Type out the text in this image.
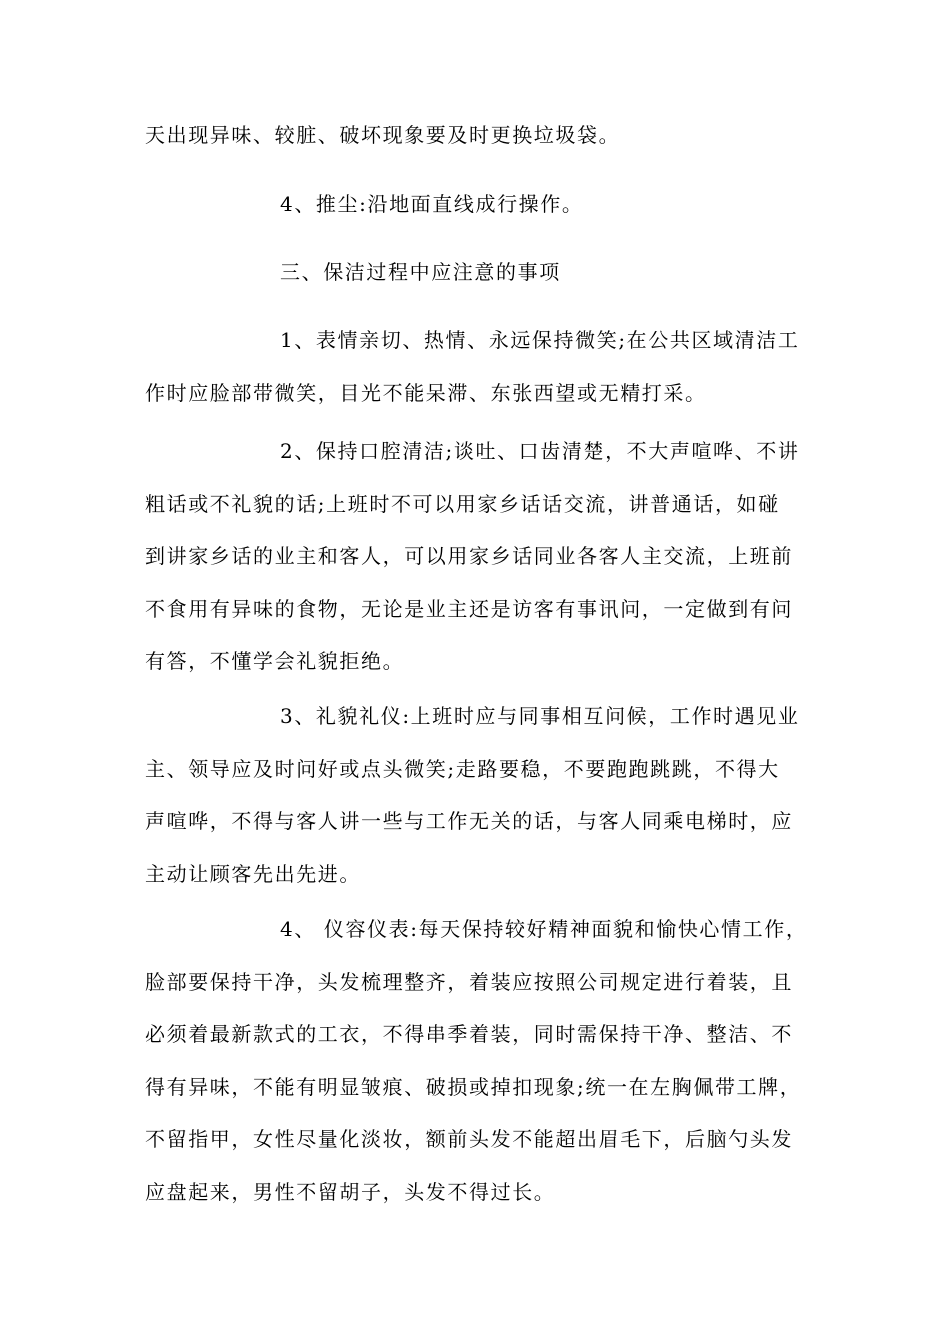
天出现异味、较脏、破坏现象要及时更换垃圾袋。
4、推尘:沿地面直线成行操作。
三、保洁过程中应注意的事项
1、表情亲切、热情、永远保持微笑;在公共区域清洁工
作时应脸部带微笑，目光不能呆滞、东张西望或无精打采。
2、保持口腔清洁;谈吐、口齿清楚，不大声喧哗、不讲
粗话或不礼貌的话;上班时不可以用家乡话话交流，讲普通话，如碰
到讲家乡话的业主和客人，可以用家乡话同业各客人主交流，上班前
不食用有异味的食物，无论是业主还是访客有事讯问，一定做到有问
有答，不懂学会礼貌拒绝。
3、礼貌礼仪:上班时应与同事相互问候，工作时遇见业
主、领导应及时问好或点头微笑;走路要稳，不要跑跑跳跳，不得大
声喧哗，不得与客人讲一些与工作无关的话，与客人同乘电梯时，应
主动让顾客先出先进。
4、 仪容仪表:每天保持较好精神面貌和愉快心情工作，
脸部要保持干净，头发梳理整齐，着装应按照公司规定进行着装，且
必须着最新款式的工衣，不得串季着装，同时需保持干净、整洁、不
得有异味，不能有明显皱痕、破损或掉扣现象;统一在左胸佩带工牌，
不留指甲，女性尽量化淡妆，额前头发不能超出眉毛下，后脑勺头发
应盘起来，男性不留胡子，头发不得过长。
